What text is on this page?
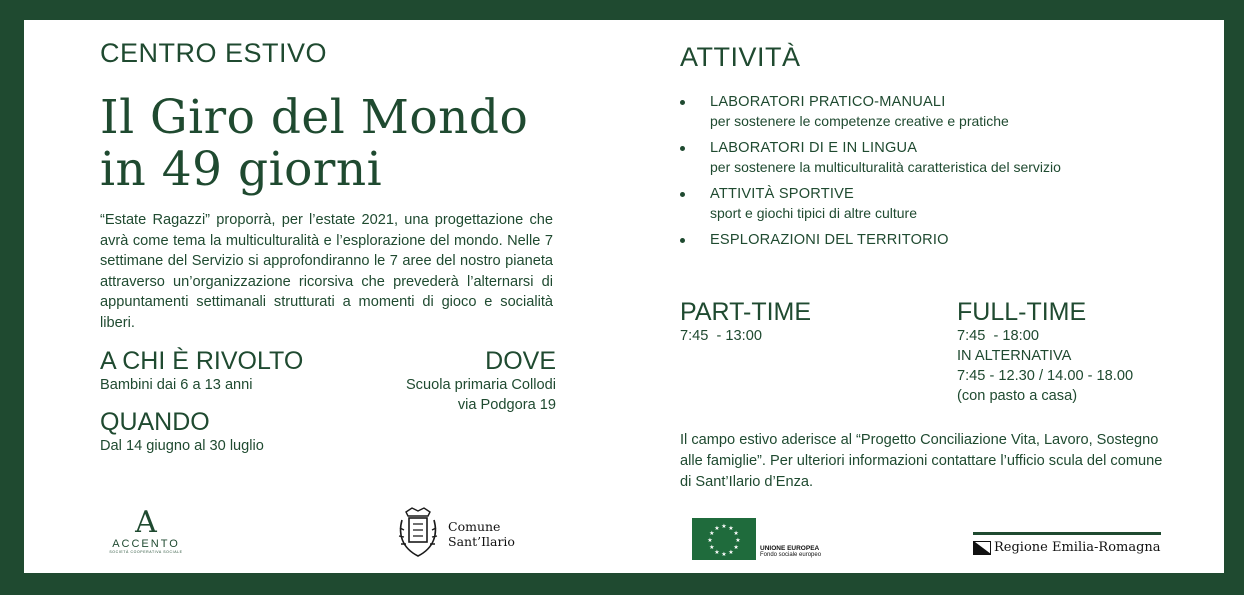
CENTRO ESTIVO
Il Giro del Mondo
in 49 giorni
“Estate Ragazzi” proporrà, per l’estate 2021, una progettazione che avrà come tema la multiculturalità e l’esplorazione del mondo. Nelle 7 settimane del Servizio si approfondiranno le 7 aree del nostro pianeta attraverso un’organizzazione ricorsiva che prevederà l’alternarsi di appuntamenti settimanali strutturati a momenti di gioco e socialità liberi.
A CHI È RIVOLTO
Bambini dai 6 a 13 anni
QUANDO
Dal 14 giugno al 30 luglio
DOVE
Scuola primaria Collodi
via Podgora 19
ATTIVITÀ
LABORATORI PRATICO-MANUALI
per sostenere le competenze creative e pratiche
LABORATORI DI E IN LINGUA
per sostenere la multiculturalità caratteristica del servizio
ATTIVITÀ SPORTIVE
sport e giochi tipici di altre culture
ESPLORAZIONI DEL TERRITORIO
PART-TIME
7:45  - 13:00
FULL-TIME
7:45  - 18:00
IN ALTERNATIVA
7:45 - 12.30 / 14.00 - 18.00
(con pasto a casa)
Il campo estivo aderisce al “Progetto Conciliazione Vita, Lavoro, Sostegno alle famiglie”. Per ulteriori informazioni contattare l’ufficio scula del comune di Sant’Ilario d’Enza.
A
ACCENTO
SOCIETÀ COOPERATIVA SOCIALE
Comune
Sant’Ilario	★
★
★
★
★
★
★
★
★ ★ ★
★
UNIONE EUROPEA
Fondo sociale europeo	Regione Emilia-Romagna
